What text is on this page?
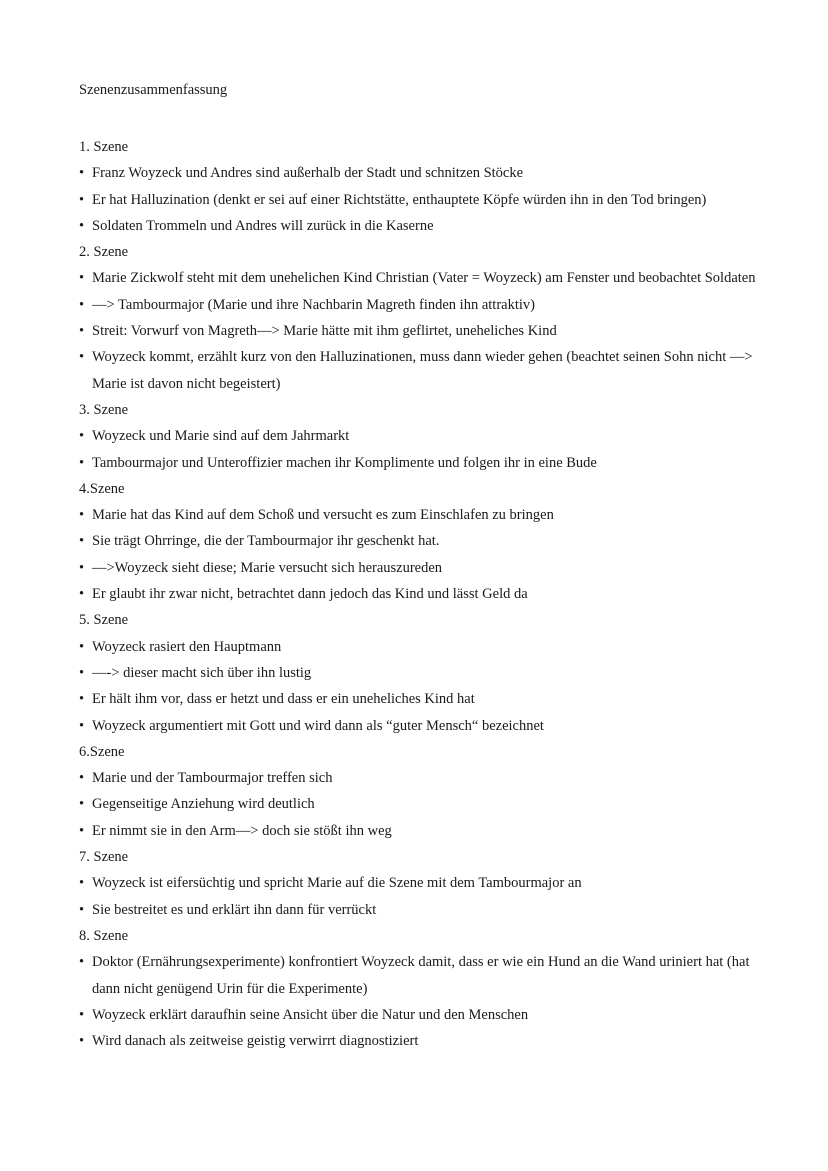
Szenenzusammenfassung
1. Szene
• Franz Woyzeck und Andres sind außerhalb der Stadt und schnitzen Stöcke
• Er hat Halluzination (denkt er sei auf einer Richtstätte, enthauptete Köpfe würden ihn in den Tod bringen)
• Soldaten Trommeln und Andres will zurück in die Kaserne
2. Szene
• Marie Zickwolf steht mit dem unehelichen Kind Christian (Vater = Woyzeck) am Fenster und beobachtet Soldaten
• —> Tambourmajor (Marie und ihre Nachbarin Magreth finden ihn attraktiv)
• Streit: Vorwurf von Magreth—> Marie hätte mit ihm geflirtet, uneheliches Kind
• Woyzeck kommt, erzählt kurz von den Halluzinationen, muss dann wieder gehen (beachtet seinen Sohn nicht —> Marie ist davon nicht begeistert)
3. Szene
• Woyzeck und Marie sind auf dem Jahrmarkt
• Tambourmajor und Unteroffizier machen ihr Komplimente und folgen ihr in eine Bude
4.Szene
• Marie hat das Kind auf dem Schoß und versucht es zum Einschlafen zu bringen
• Sie trägt Ohrringe, die der Tambourmajor ihr geschenkt hat.
• —>Woyzeck sieht diese; Marie versucht sich herauszureden
• Er glaubt ihr zwar nicht, betrachtet dann jedoch das Kind und lässt Geld da
5. Szene
• Woyzeck rasiert den Hauptmann
• —-> dieser macht sich über ihn lustig
• Er hält ihm vor, dass er hetzt und dass er ein uneheliches Kind hat
• Woyzeck argumentiert mit Gott und wird dann als “guter Mensch“ bezeichnet
6.Szene
• Marie und der Tambourmajor treffen sich
• Gegenseitige Anziehung wird deutlich
• Er nimmt sie in den Arm—> doch sie stößt ihn weg
7. Szene
• Woyzeck ist eifersüchtig und spricht Marie auf die Szene mit dem Tambourmajor an
• Sie bestreitet es und erklärt ihn dann für verrückt
8. Szene
• Doktor (Ernährungsexperimente) konfrontiert Woyzeck damit, dass er wie ein Hund an die Wand uriniert hat (hat dann nicht genügend Urin für die Experimente)
• Woyzeck erklärt daraufhin seine Ansicht über die Natur und den Menschen
• Wird danach als zeitweise geistig verwirrt diagnostiziert
